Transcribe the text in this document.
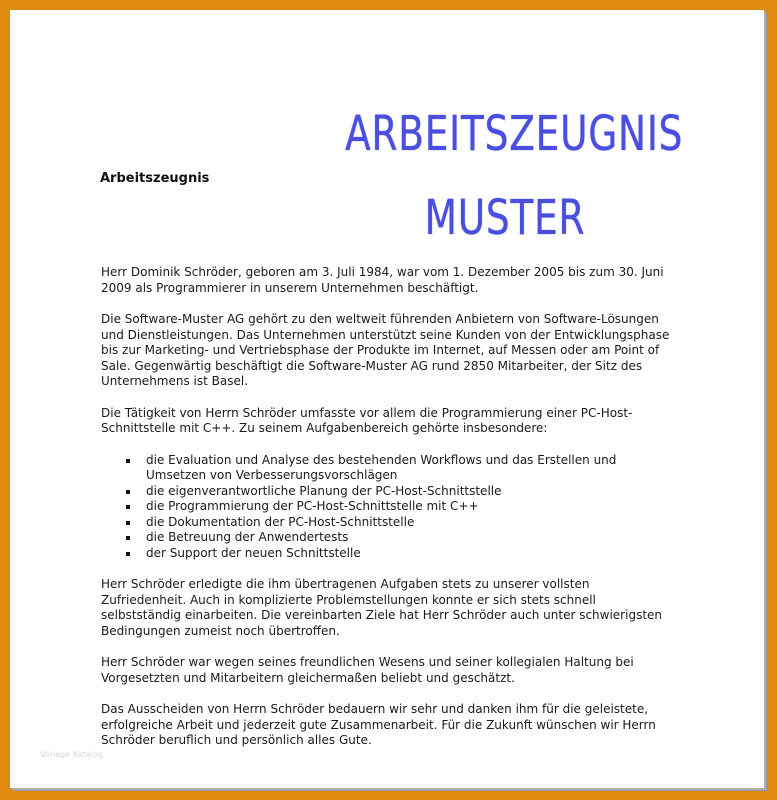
ARBEITSZEUGNIS
MUSTER
Arbeitszeugnis

Herr Dominik Schröder, geboren am 3. Juli 1984, war vom 1. Dezember 2005 bis zum 30. Juni 2009 als Programmierer in unserem Unternehmen beschäftigt.

Die Software-Muster AG gehört zu den weltweit führenden Anbietern von Software-Lösungen und Dienstleistungen. Das Unternehmen unterstützt seine Kunden von der Entwicklungsphase bis zur Marketing- und Vertriebsphase der Produkte im Internet, auf Messen oder am Point of Sale. Gegenwärtig beschäftigt die Software-Muster AG rund 2850 Mitarbeiter, der Sitz des Unternehmens ist Basel.

Die Tätigkeit von Herrn Schröder umfasste vor allem die Programmierung einer PC-Host-Schnittstelle mit C++. Zu seinem Aufgabenbereich gehörte insbesondere:

die Evaluation und Analyse des bestehenden Workflows und das Erstellen und Umsetzen von Verbesserungsvorschlägen
die eigenverantwortliche Planung der PC-Host-Schnittstelle
die Programmierung der PC-Host-Schnittstelle mit C++
die Dokumentation der PC-Host-Schnittstelle
die Betreuung der Anwendertests
der Support der neuen Schnittstelle

Herr Schröder erledigte die ihm übertragenen Aufgaben stets zu unserer vollsten Zufriedenheit. Auch in komplizierte Problemstellungen konnte er sich stets schnell selbstständig einarbeiten. Die vereinbarten Ziele hat Herr Schröder auch unter schwierigsten Bedingungen zumeist noch übertroffen.

Herr Schröder war wegen seines freundlichen Wesens und seiner kollegialen Haltung bei Vorgesetzten und Mitarbeitern gleichermaßen beliebt und geschätzt.

Das Ausscheiden von Herrn Schröder bedauern wir sehr und danken ihm für die geleistete, erfolgreiche Arbeit und jederzeit gute Zusammenarbeit. Für die Zukunft wünschen wir Herrn Schröder beruflich und persönlich alles Gute.

Vorlage Katalog
